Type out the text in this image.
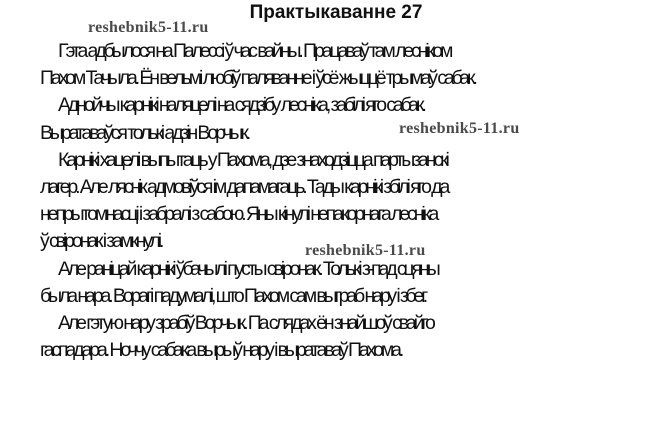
Практыкаванне 27
reshebnik5-11.ru
reshebnik5-11.ru
reshebnik5-11.ru

Гэта адбылося на Палессі ў час вайны. Працаваў там лесніком
Пахом Тачыла. Ён вельмі любіў паляванне і ўсё жыццё трымаў сабак.

Аднойчы карнікі наляцелі на сядзібу лесніка, забілі яго сабак.
Выратаваўся толькі адзін Ворчык.

Карнікі хацелі выпытаць у Пахома, дзе знаходзіцца партызанскі
лагер. Але ляснік адмовіўся ім дапамагаць. Тады карнікі збілі яго да
непрытомнасці і забралі з сабою. Яны кінулі непакорнага лесніка
ў свіронак і замкнулі.

Але раніцай карнікі ўбачылі пусты свіронак. Толькі з-пад сцяны
была нара. Ворагі падумалі, што Пахом сам выграб нару і збег.

Але гэтую нару зрабіў Ворчык. Па слядах ён знайшоў свайго
гаспадара. Ноччу сабака вырыў нару і выратаваў Пахома.
